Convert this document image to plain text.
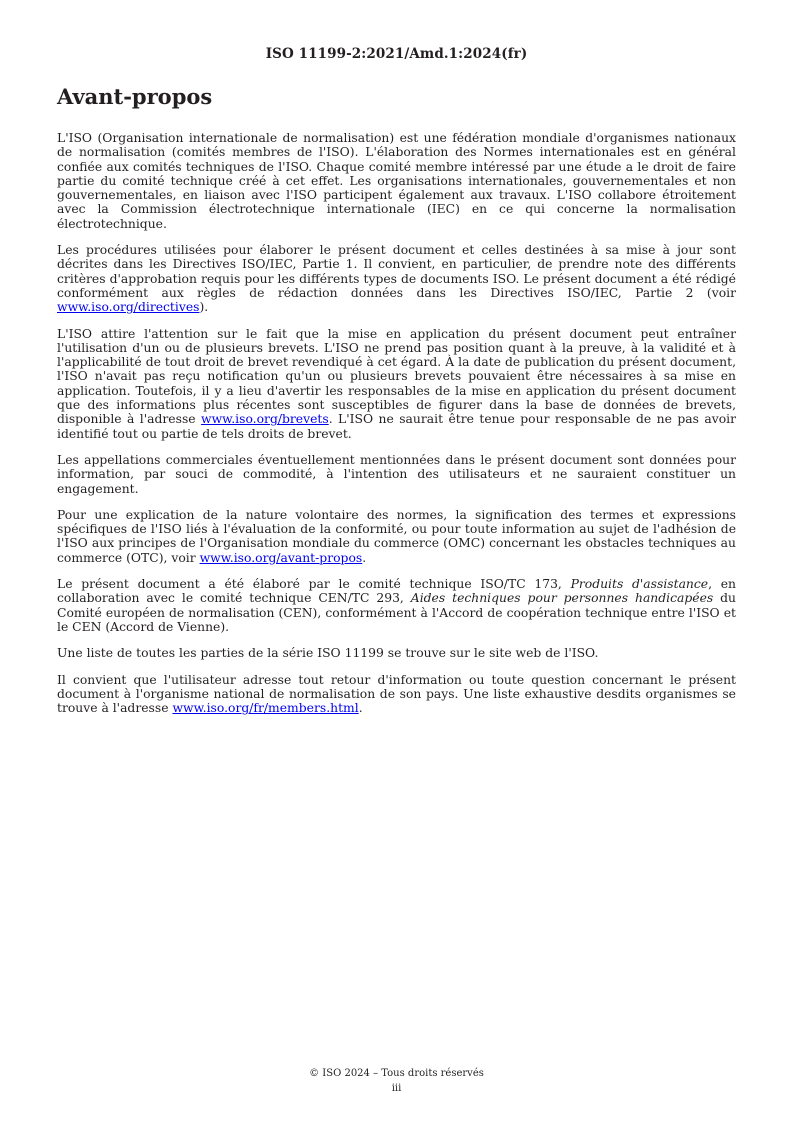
ISO 11199-2:2021/Amd.1:2024(fr)
Avant-propos

L'ISO (Organisation internationale de normalisation) est une fédération mondiale d'organismes nationaux de normalisation (comités membres de l'ISO). L'élaboration des Normes internationales est en général confiée aux comités techniques de l'ISO. Chaque comité membre intéressé par une étude a le droit de faire partie du comité technique créé à cet effet. Les organisations internationales, gouvernementales et non gouvernementales, en liaison avec l'ISO participent également aux travaux. L'ISO collabore étroitement avec la Commission électrotechnique internationale (IEC) en ce qui concerne la normalisation électrotechnique.

Les procédures utilisées pour élaborer le présent document et celles destinées à sa mise à jour sont décrites dans les Directives ISO/IEC, Partie 1. Il convient, en particulier, de prendre note des différents critères d'approbation requis pour les différents types de documents ISO. Le présent document a été rédigé conformément aux règles de rédaction données dans les Directives ISO/IEC, Partie 2 (voir www.iso.org/directives).

L'ISO attire l'attention sur le fait que la mise en application du présent document peut entraîner l'utilisation d'un ou de plusieurs brevets. L'ISO ne prend pas position quant à la preuve, à la validité et à l'applicabilité de tout droit de brevet revendiqué à cet égard. À la date de publication du présent document, l'ISO n'avait pas reçu notification qu'un ou plusieurs brevets pouvaient être nécessaires à sa mise en application. Toutefois, il y a lieu d'avertir les responsables de la mise en application du présent document que des informations plus récentes sont susceptibles de figurer dans la base de données de brevets, disponible à l'adresse www.iso.org/brevets. L'ISO ne saurait être tenue pour responsable de ne pas avoir identifié tout ou partie de tels droits de brevet.

Les appellations commerciales éventuellement mentionnées dans le présent document sont données pour information, par souci de commodité, à l'intention des utilisateurs et ne sauraient constituer un engagement.

Pour une explication de la nature volontaire des normes, la signification des termes et expressions spécifiques de l'ISO liés à l'évaluation de la conformité, ou pour toute information au sujet de l'adhésion de l'ISO aux principes de l'Organisation mondiale du commerce (OMC) concernant les obstacles techniques au commerce (OTC), voir www.iso.org/avant-propos.

Le présent document a été élaboré par le comité technique ISO/TC 173, Produits d'assistance, en collaboration avec le comité technique CEN/TC 293, Aides techniques pour personnes handicapées du Comité européen de normalisation (CEN), conformément à l'Accord de coopération technique entre l'ISO et le CEN (Accord de Vienne).

Une liste de toutes les parties de la série ISO 11199 se trouve sur le site web de l'ISO.

Il convient que l'utilisateur adresse tout retour d'information ou toute question concernant le présent document à l'organisme national de normalisation de son pays. Une liste exhaustive desdits organismes se trouve à l'adresse www.iso.org/fr/members.html.

© ISO 2024 – Tous droits réservés
iii
